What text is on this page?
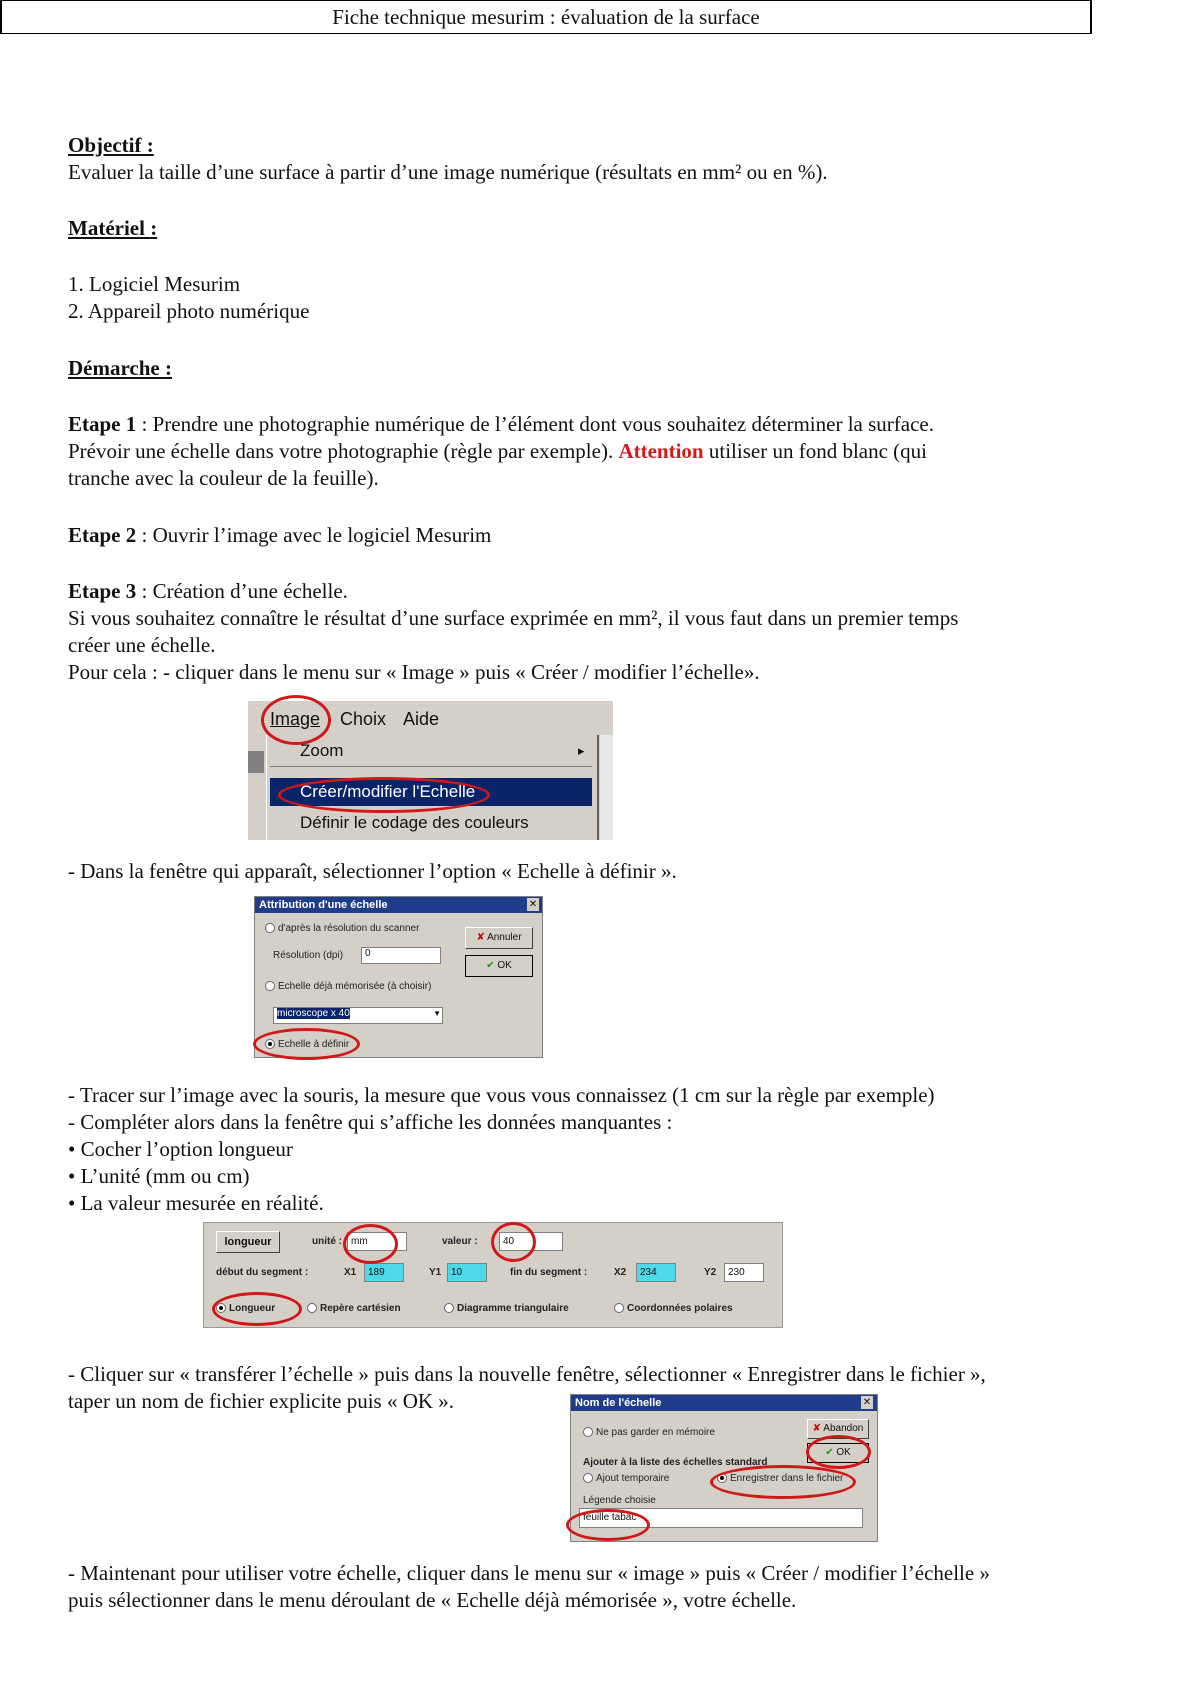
Fiche technique mesurim : évaluation de la surface
Objectif :
Evaluer la taille d’une surface à partir d’une image numérique (résultats en mm² ou en %).
Matériel :
1. Logiciel Mesurim
2. Appareil photo numérique
Démarche :
Etape 1 : Prendre une photographie numérique de l’élément dont vous souhaitez déterminer la surface.
Prévoir une échelle dans votre photographie (règle par exemple). Attention utiliser un fond blanc (qui
tranche avec la couleur de la feuille).
Etape 2 : Ouvrir l’image avec le logiciel Mesurim
Etape 3 : Création d’une échelle.
Si vous souhaitez connaître le résultat d’une surface exprimée en mm², il vous faut dans un premier temps
créer une échelle.
Pour cela : - cliquer dans le menu sur « Image » puis « Créer / modifier l’échelle».
Image Choix Aide
Zoom	▸
Créer/modifier l'Echelle
Définir le codage des couleurs
- Dans la fenêtre qui apparaît, sélectionner l’option « Echelle à définir ».
Attribution d'une échelle	✕
d'après la résolution du scanner
Résolution (dpi)	0
Echelle déjà mémorisée (à choisir)
microscope x 40	▼
Echelle à définir
✘ Annuler
✔ OK
- Tracer sur l’image avec la souris, la mesure que vous vous connaissez (1 cm sur la règle par exemple)
- Compléter alors dans la fenêtre qui s’affiche les données manquantes :
• Cocher l’option longueur
• L’unité (mm ou cm)
• La valeur mesurée en réalité.
longueur	unité : mm	valeur :	40
début du segment :	X1	189	Y1 10	fin du segment :	X2	234	Y2	230
Longueur	Repère cartésien	Diagramme triangulaire	Coordonnées polaires
- Cliquer sur « transférer l’échelle » puis dans la nouvelle fenêtre, sélectionner « Enregistrer dans le fichier »,
taper un nom de fichier explicite puis « OK ».	Nom de l'échelle	✕
Ne pas garder en mémoire
Ajouter à la liste des échelles standard
Ajout temporaire	Enregistrer dans le fichier
Légende choisie
feuille tabac
✘ Abandon
✔ OK
- Maintenant pour utiliser votre échelle, cliquer dans le menu sur « image » puis « Créer / modifier l’échelle »
puis sélectionner dans le menu déroulant de « Echelle déjà mémorisée », votre échelle.
